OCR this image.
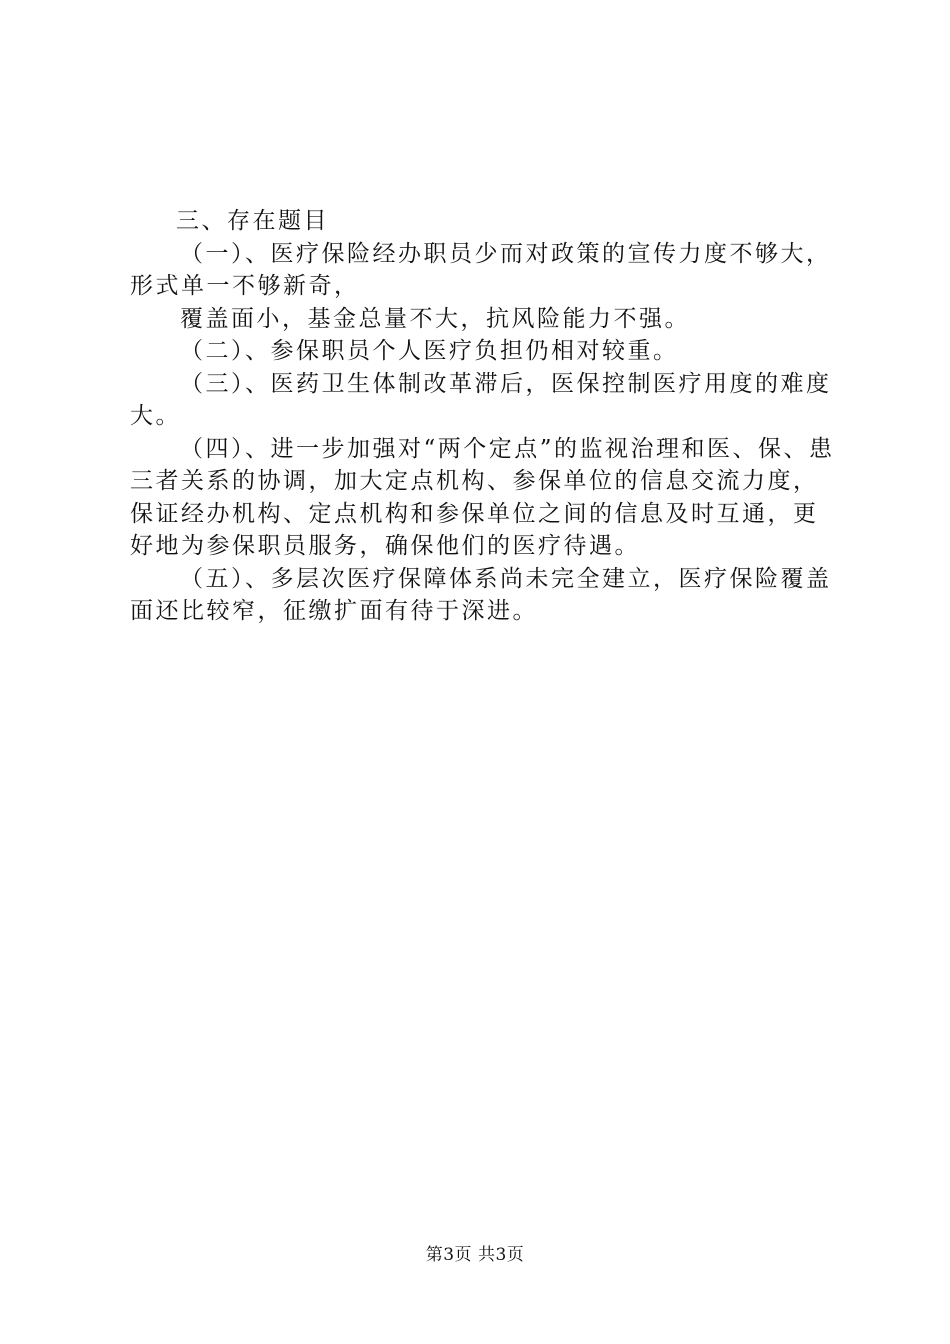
三、存在题目

（一）、医疗保险经办职员少而对政策的宣传力度不够大，形式单一不够新奇，

覆盖面小，基金总量不大，抗风险能力不强。

（二）、参保职员个人医疗负担仍相对较重。

（三）、医药卫生体制改革滞后，医保控制医疗用度的难度大。

（四）、进一步加强对“两个定点”的监视治理和医、保、患三者关系的协调，加大定点机构、参保单位的信息交流力度，保证经办机构、定点机构和参保单位之间的信息及时互通，更好地为参保职员服务，确保他们的医疗待遇。

（五）、多层次医疗保障体系尚未完全建立，医疗保险覆盖面还比较窄，征缴扩面有待于深进。

第3页 共3页
